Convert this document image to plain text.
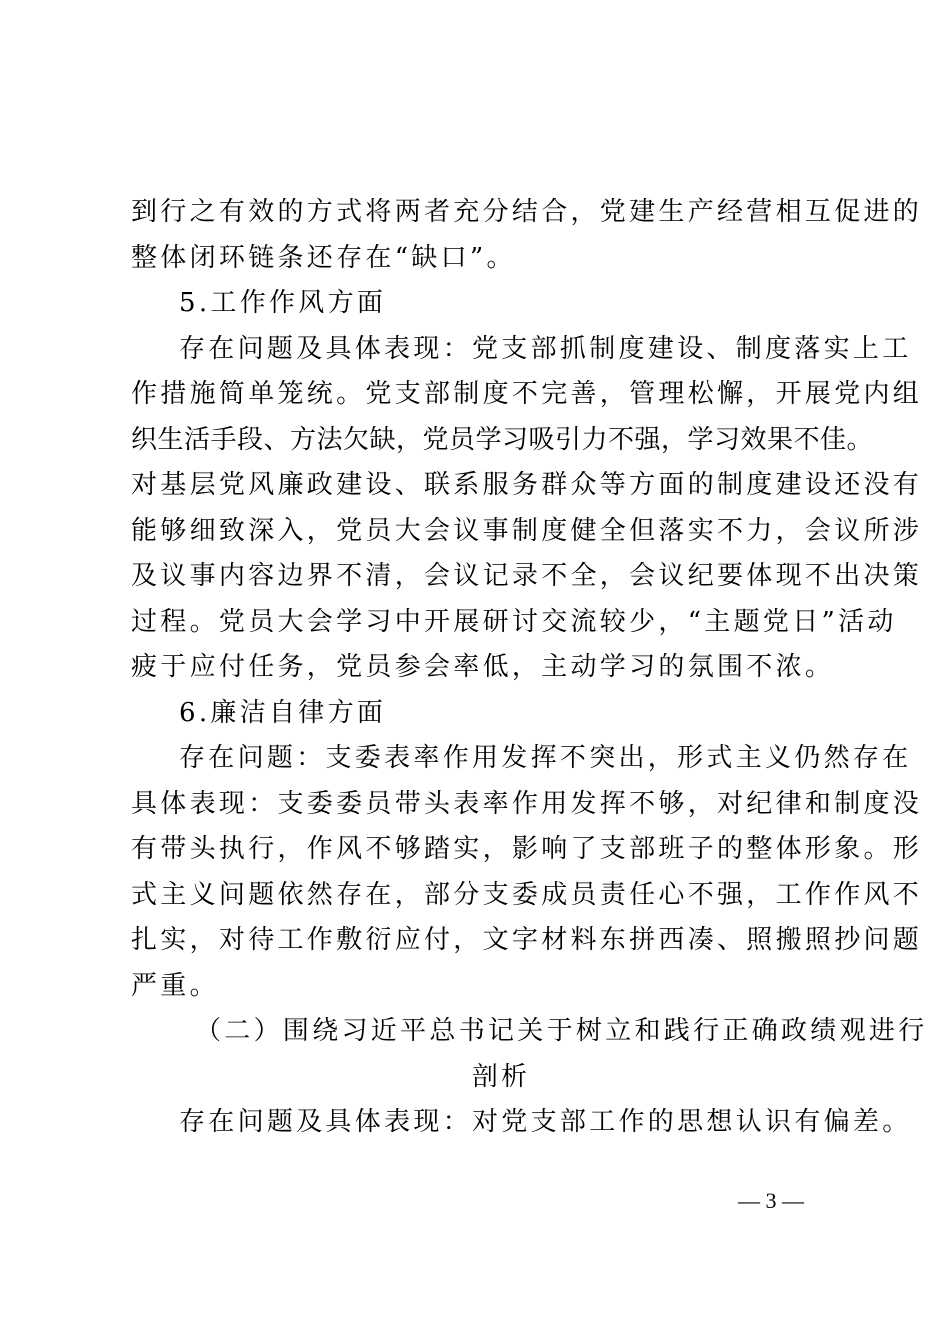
到行之有效的方式将两者充分结合，党建生产经营相互促进的
整体闭环链条还存在“缺口”。
5.工作作风方面
存在问题及具体表现：党支部抓制度建设、制度落实上工
作措施简单笼统。党支部制度不完善，管理松懈，开展党内组
织生活手段、方法欠缺，党员学习吸引力不强，学习效果不佳。
对基层党风廉政建设、联系服务群众等方面的制度建设还没有
能够细致深入，党员大会议事制度健全但落实不力，会议所涉
及议事内容边界不清，会议记录不全，会议纪要体现不出决策
过程。党员大会学习中开展研讨交流较少，“主题党日”活动
疲于应付任务，党员参会率低，主动学习的氛围不浓。
6.廉洁自律方面
存在问题：支委表率作用发挥不突出，形式主义仍然存在
具体表现：支委委员带头表率作用发挥不够，对纪律和制度没
有带头执行，作风不够踏实，影响了支部班子的整体形象。形
式主义问题依然存在，部分支委成员责任心不强，工作作风不
扎实，对待工作敷衍应付，文字材料东拼西凑、照搬照抄问题
严重。
（二）围绕习近平总书记关于树立和践行正确政绩观进行
剖析
存在问题及具体表现：对党支部工作的思想认识有偏差。
— 3 —
